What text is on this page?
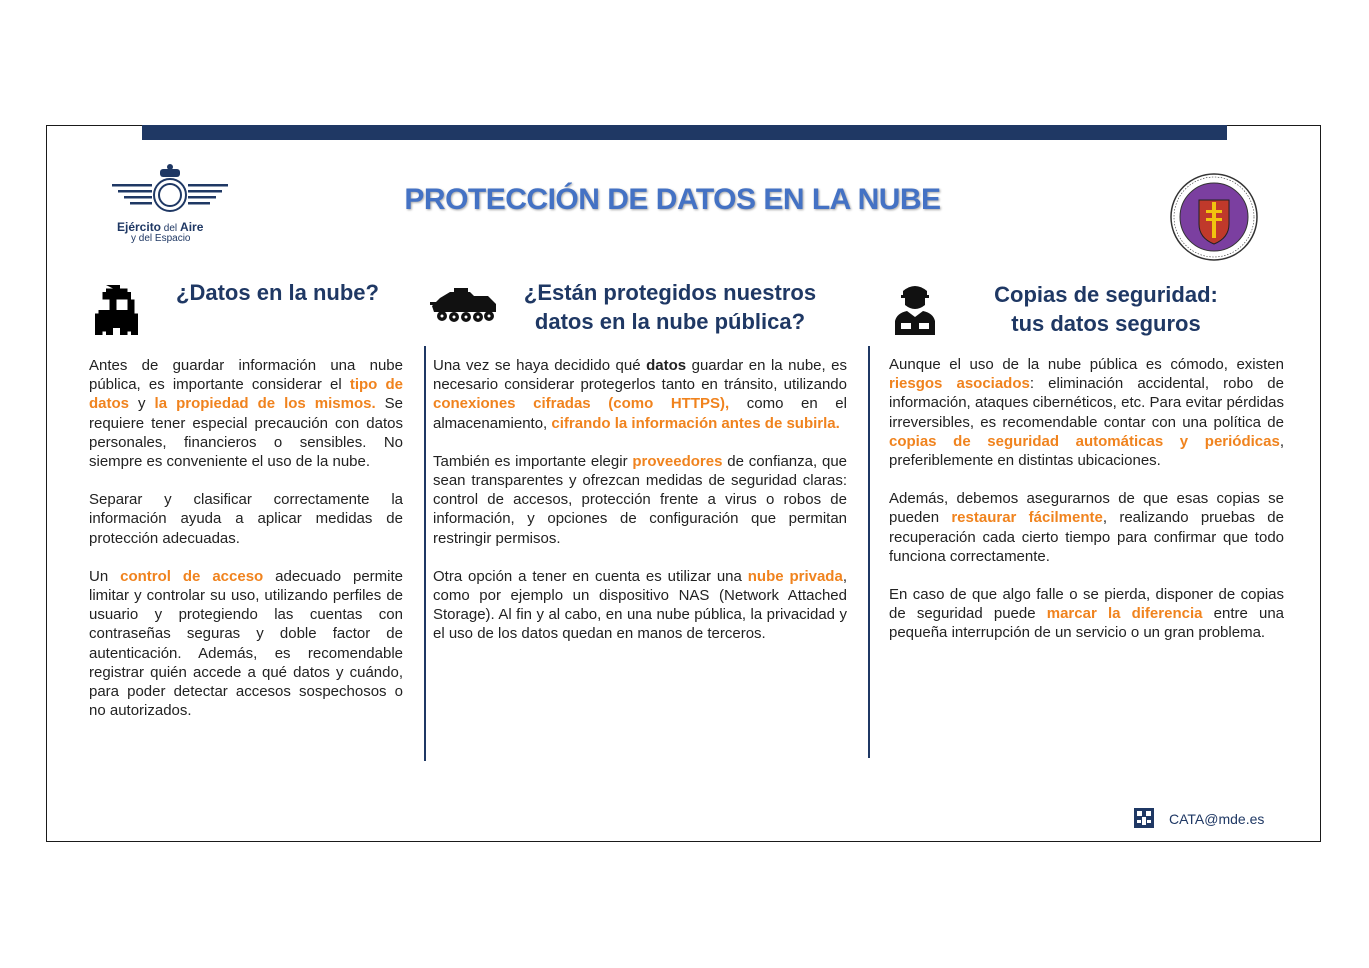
Ejército del Aire
y del Espacio
PROTECCIÓN DE DATOS EN LA NUBE
¿Datos en la nube?

Antes de guardar información una nube pública, es importante considerar el tipo de datos y la propiedad de los mismos. Se requiere tener especial precaución con datos personales, financieros o sensibles. No siempre es conveniente el uso de la nube.

Separar y clasificar correctamente la información ayuda a aplicar medidas de protección adecuadas.

Un control de acceso adecuado permite limitar y controlar su uso, utilizando perfiles de usuario y protegiendo las cuentas con contraseñas seguras y doble factor de autenticación. Además, es recomendable registrar quién accede a qué datos y cuándo, para poder detectar accesos sospechosos o no autorizados.

¿Están protegidos nuestros
datos en la nube pública?

Una vez se haya decidido qué datos guardar en la nube, es necesario considerar protegerlos tanto en tránsito, utilizando conexiones cifradas (como HTTPS), como en el almacenamiento, cifrando la información antes de subirla.

También es importante elegir proveedores de confianza, que sean transparentes y ofrezcan medidas de seguridad claras: control de accesos, protección frente a virus o robos de información, y opciones de configuración que permitan restringir permisos.

Otra opción a tener en cuenta es utilizar una nube privada, como por ejemplo un dispositivo NAS (Network Attached Storage). Al fin y al cabo, en una nube pública, la privacidad y el uso de los datos quedan en manos de terceros.

Copias de seguridad:
tus datos seguros

Aunque el uso de la nube pública es cómodo, existen riesgos asociados: eliminación accidental, robo de información, ataques cibernéticos, etc. Para evitar pérdidas irreversibles, es recomendable contar con una política de copias de seguridad automáticas y periódicas, preferiblemente en distintas ubicaciones.

Además, debemos asegurarnos de que esas copias se pueden restaurar fácilmente, realizando pruebas de recuperación cada cierto tiempo para confirmar que todo funciona correctamente.

En caso de que algo falle o se pierda, disponer de copias de seguridad puede marcar la diferencia entre una pequeña interrupción de un servicio o un gran problema.

CATA@mde.es
